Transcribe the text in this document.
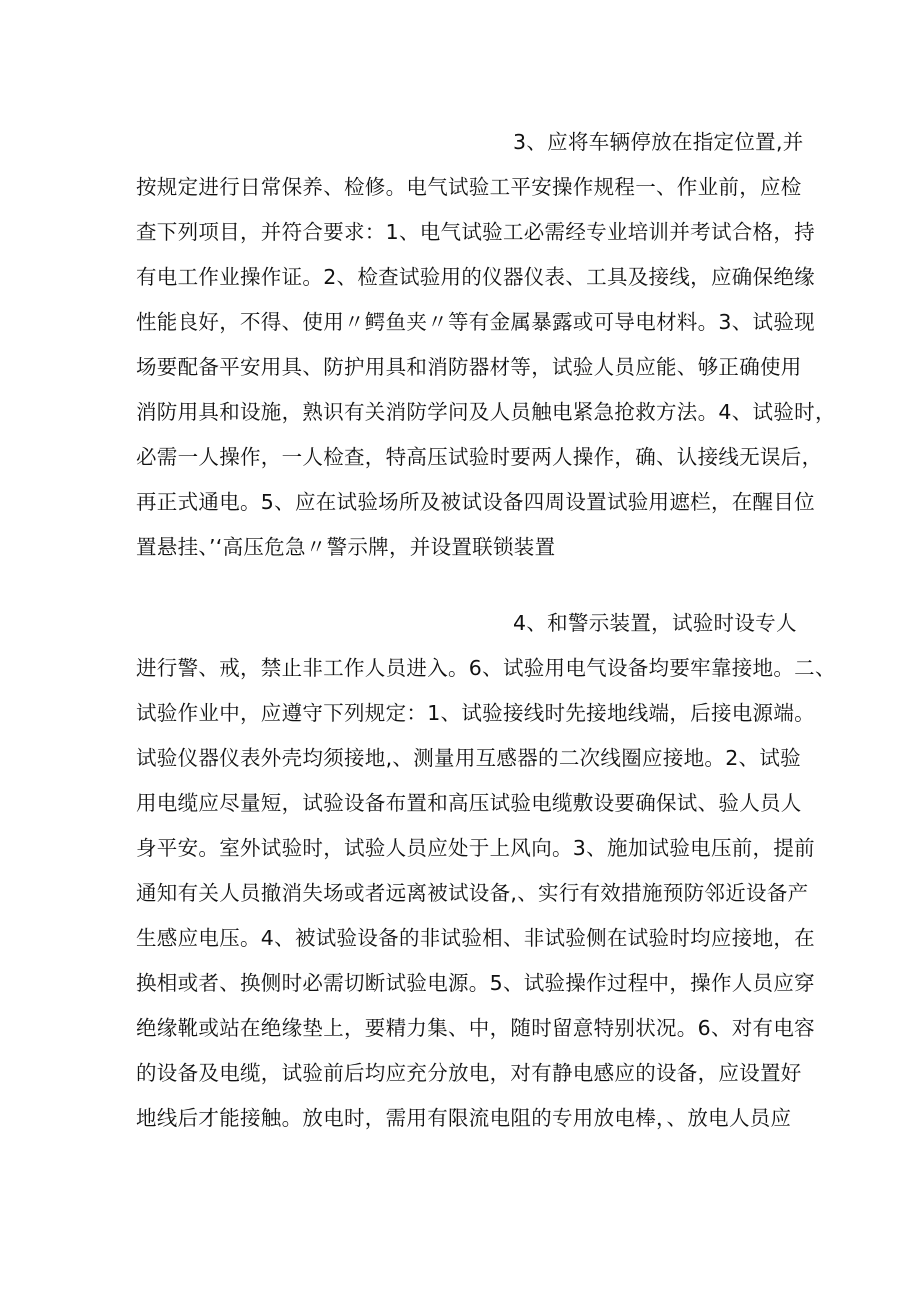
3、应将车辆停放在指定位置,并
按规定进行日常保养、检修。电气试验工平安操作规程一、作业前，应检
查下列项目，并符合要求：1、电气试验工必需经专业培训并考试合格，持
有电工作业操作证。2、检查试验用的仪器仪表、工具及接线，应确保绝缘
性能良好，不得、使用〃鳄鱼夹〃等有金属暴露或可导电材料。3、试验现
场要配备平安用具、防护用具和消防器材等，试验人员应能、够正确使用
消防用具和设施，熟识有关消防学问及人员触电紧急抢救方法。4、试验时，
必需一人操作，一人检查，特高压试验时要两人操作，确、认接线无误后，
再正式通电。5、应在试验场所及被试设备四周设置试验用遮栏，在醒目位
置悬挂、’‘高压危急〃警示牌，并设置联锁装置
4、和警示装置，试验时设专人
进行警、戒，禁止非工作人员进入。6、试验用电气设备均要牢靠接地。二、
试验作业中，应遵守下列规定：1、试验接线时先接地线端，后接电源端。
试验仪器仪表外壳均须接地,、测量用互感器的二次线圈应接地。2、试验
用电缆应尽量短，试验设备布置和高压试验电缆敷设要确保试、验人员人
身平安。室外试验时，试验人员应处于上风向。3、施加试验电压前，提前
通知有关人员撤消失场或者远离被试设备,、实行有效措施预防邻近设备产
生感应电压。4、被试验设备的非试验相、非试验侧在试验时均应接地，在
换相或者、换侧时必需切断试验电源。5、试验操作过程中，操作人员应穿
绝缘靴或站在绝缘垫上，要精力集、中，随时留意特别状况。6、对有电容
的设备及电缆，试验前后均应充分放电，对有静电感应的设备，应设置好
地线后才能接触。放电时，需用有限流电阻的专用放电棒，、放电人员应
